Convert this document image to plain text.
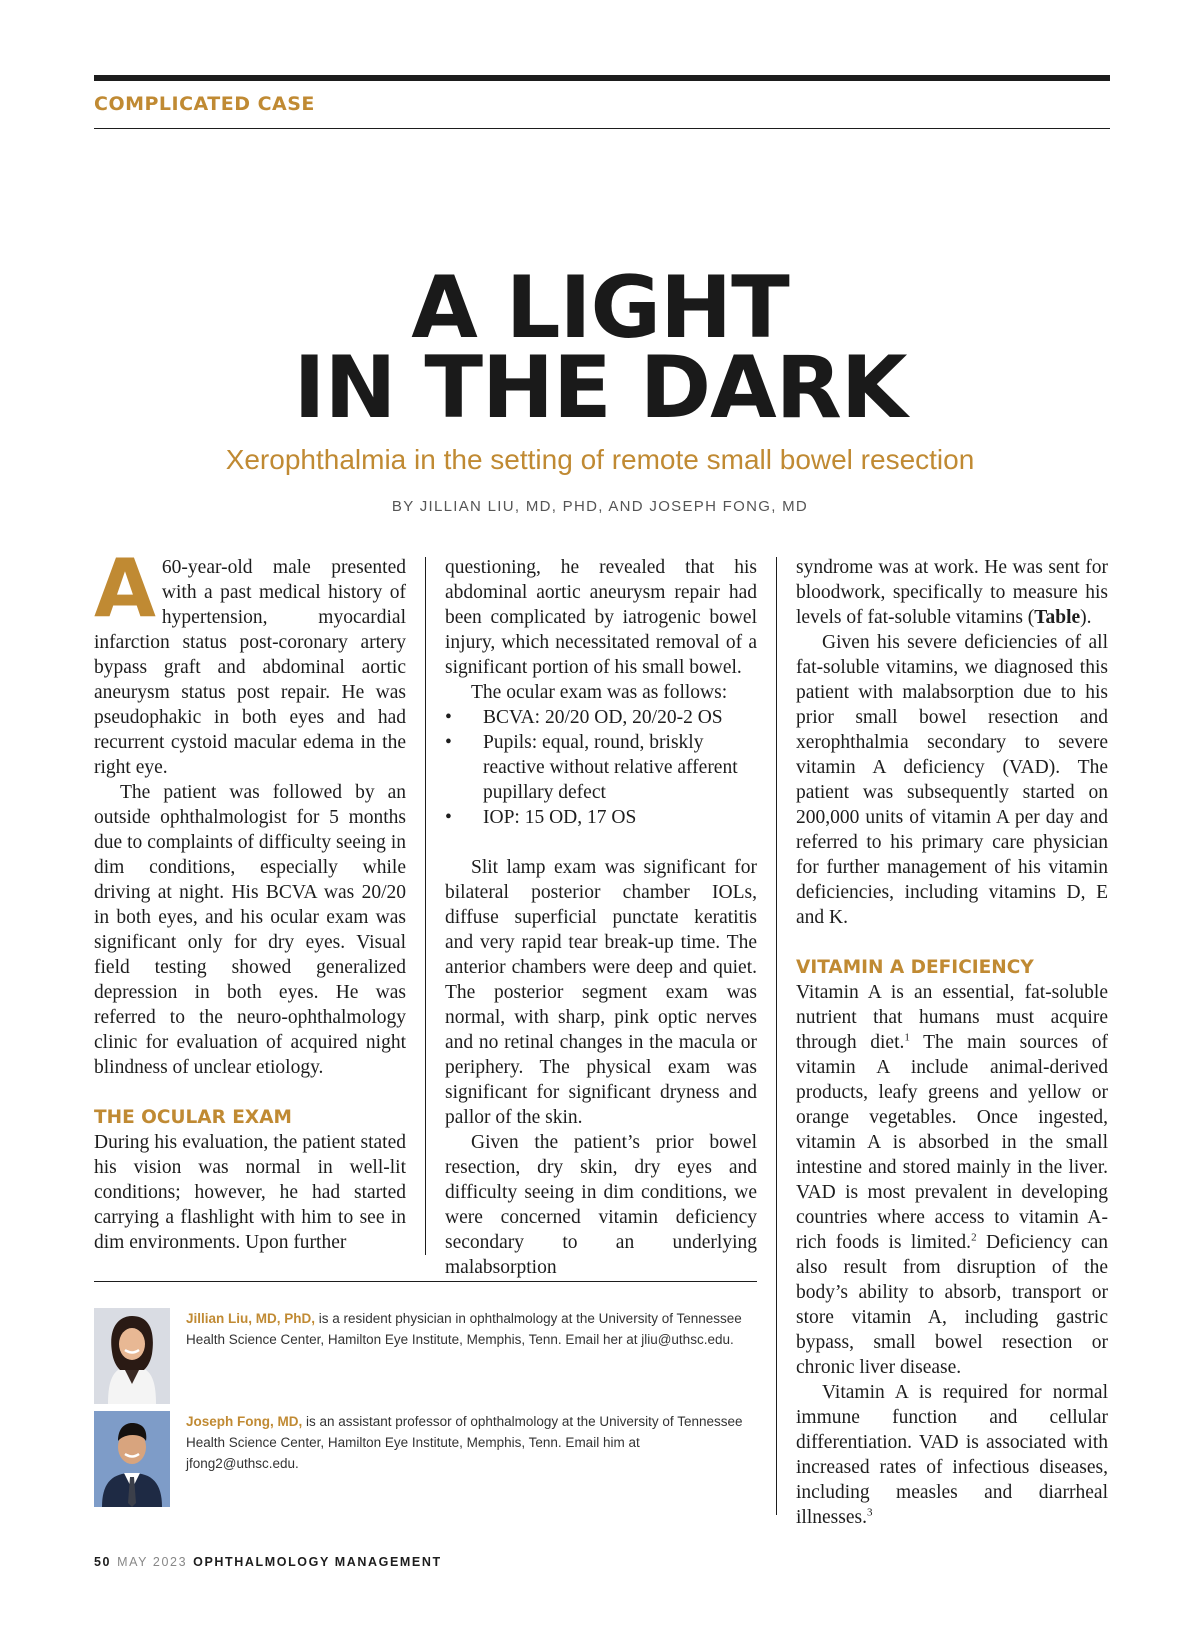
COMPLICATED CASE
A LIGHT
IN THE DARK
Xerophthalmia in the setting of remote small bowel resection
BY JILLIAN LIU, MD, PHD, AND JOSEPH FONG, MD

A 60-year-old male presented with a past medical history of hypertension, myocardial infarction status post-coronary artery bypass graft and abdominal aortic aneurysm status post repair. He was pseudophakic in both eyes and had recurrent cystoid macular edema in the right eye.

The patient was followed by an outside ophthalmologist for 5 months due to complaints of difficulty seeing in dim conditions, especially while driving at night. His BCVA was 20/20 in both eyes, and his ocular exam was significant only for dry eyes. Visual field testing showed generalized depression in both eyes. He was referred to the neuro-ophthalmology clinic for evaluation of acquired night blindness of unclear etiology.

THE OCULAR EXAM

During his evaluation, the patient stated his vision was normal in well-lit conditions; however, he had started carrying a flashlight with him to see in dim environments. Upon further

questioning, he revealed that his abdominal aortic aneurysm repair had been complicated by iatrogenic bowel injury, which necessitated removal of a significant portion of his small bowel.

The ocular exam was as follows:

• BCVA: 20/20 OD, 20/20-2 OS
• Pupils: equal, round, briskly reactive without relative afferent pupillary defect
• IOP: 15 OD, 17 OS

Slit lamp exam was significant for bilateral posterior chamber IOLs, diffuse superficial punctate keratitis and very rapid tear break-up time. The anterior chambers were deep and quiet. The posterior segment exam was normal, with sharp, pink optic nerves and no retinal changes in the macula or periphery. The physical exam was significant for significant dryness and pallor of the skin.

Given the patient’s prior bowel resection, dry skin, dry eyes and difficulty seeing in dim conditions, we were concerned vitamin deficiency secondary to an underlying malabsorption

syndrome was at work. He was sent for bloodwork, specifically to measure his levels of fat-soluble vitamins (Table).

Given his severe deficiencies of all fat-soluble vitamins, we diagnosed this patient with malabsorption due to his prior small bowel resection and xerophthalmia secondary to severe vitamin A deficiency (VAD). The patient was subsequently started on 200,000 units of vitamin A per day and referred to his primary care physician for further management of his vitamin deficiencies, including vitamins D, E and K.

VITAMIN A DEFICIENCY

Vitamin A is an essential, fat-soluble nutrient that humans must acquire through diet.$^1$ The main sources of vitamin A include animal-derived products, leafy greens and yellow or orange vegetables. Once ingested, vitamin A is absorbed in the small intestine and stored mainly in the liver. VAD is most prevalent in developing countries where access to vitamin A-rich foods is limited.$^2$ Deficiency can also result from disruption of the body’s ability to absorb, transport or store vitamin A, including gastric bypass, small bowel resection or chronic liver disease.

Vitamin A is required for normal immune function and cellular differentiation. VAD is associated with increased rates of infectious diseases, including measles and diarrheal illnesses.$^3$

Jillian Liu, MD, PhD, is a resident physician in ophthalmology at the University of Tennessee Health Science Center, Hamilton Eye Institute, Memphis, Tenn. Email her at jliu@uthsc.edu.
Joseph Fong, MD, is an assistant professor of ophthalmology at the University of Tennessee Health Science Center, Hamilton Eye Institute, Memphis, Tenn. Email him at jfong2@uthsc.edu.
50 MAY 2023 OPHTHALMOLOGY MANAGEMENT
